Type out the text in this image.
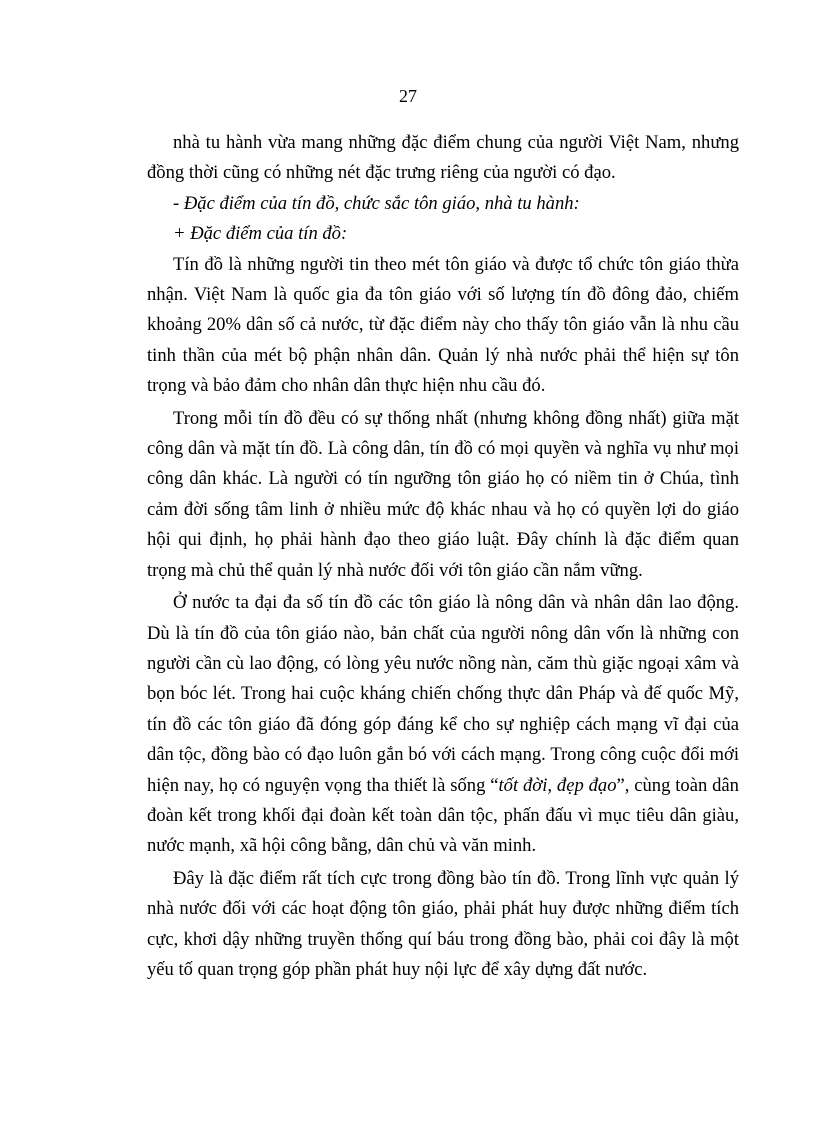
27

nhà tu hành vừa mang những đặc điểm chung của người Việt Nam, nhưng đồng thời cũng có những nét đặc trưng riêng của người có đạo.

- Đặc điểm của tín đồ, chức sắc tôn giáo, nhà tu hành:

+ Đặc điểm của tín đồ:

Tín đồ là những người tin theo mét tôn giáo và được tổ chức tôn giáo thừa nhận. Việt Nam là quốc gia đa tôn giáo với số lượng tín đồ đông đảo, chiếm khoảng 20% dân số cả nước, từ đặc điểm này cho thấy tôn giáo vẫn là nhu cầu tinh thần của mét bộ phận nhân dân. Quản lý nhà nước phải thể hiện sự tôn trọng và bảo đảm cho nhân dân thực hiện nhu cầu đó.

Trong mỗi tín đồ đều có sự thống nhất (nhưng không đồng nhất) giữa mặt công dân và mặt tín đồ. Là công dân, tín đồ có mọi quyền và nghĩa vụ như mọi công dân khác. Là người có tín ngưỡng tôn giáo họ có niềm tin ở Chúa, tình cảm đời sống tâm linh ở nhiều mức độ khác nhau và họ có quyền lợi do giáo hội qui định, họ phải hành đạo theo giáo luật. Đây chính là đặc điểm quan trọng mà chủ thể quản lý nhà nước đối với tôn giáo cần nắm vững.

Ở nước ta đại đa số tín đồ các tôn giáo là nông dân và nhân dân lao động. Dù là tín đồ của tôn giáo nào, bản chất của người nông dân vốn là những con người cần cù lao động, có lòng yêu nước nồng nàn, căm thù giặc ngoại xâm và bọn bóc lét. Trong hai cuộc kháng chiến chống thực dân Pháp và đế quốc Mỹ, tín đồ các tôn giáo đã đóng góp đáng kể cho sự nghiệp cách mạng vĩ đại của dân tộc, đồng bào có đạo luôn gắn bó với cách mạng. Trong công cuộc đổi mới hiện nay, họ có nguyện vọng tha thiết là sống “tốt đời, đẹp đạo”, cùng toàn dân đoàn kết trong khối đại đoàn kết toàn dân tộc, phấn đấu vì mục tiêu dân giàu, nước mạnh, xã hội công bằng, dân chủ và văn minh.

Đây là đặc điểm rất tích cực trong đồng bào tín đồ. Trong lĩnh vực quản lý nhà nước đối với các hoạt động tôn giáo, phải phát huy được những điểm tích cực, khơi dậy những truyền thống quí báu trong đồng bào, phải coi đây là một yếu tố quan trọng góp phần phát huy nội lực để xây dựng đất nước.
